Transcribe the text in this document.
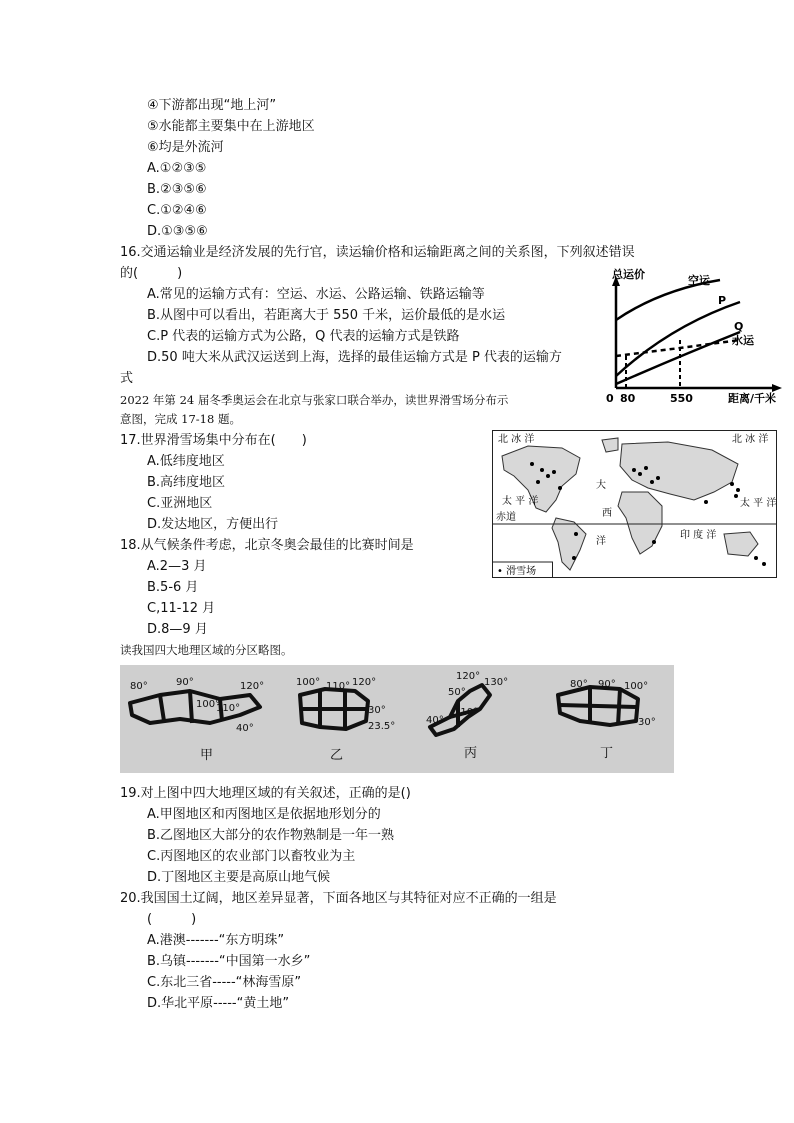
④下游都出现“地上河”
⑤水能都主要集中在上游地区
⑥均是外流河
A.①②③⑤
B.②③⑤⑥
C.①②④⑥
D.①③⑤⑥
16.交通运输业是经济发展的先行官，读运输价格和运输距离之间的关系图，下列叙述错误
的(　　　)
A.常见的运输方式有：空运、水运、公路运输、铁路运输等
B.从图中可以看出，若距离大于 550 千米，运价最低的是水运
C.P 代表的运输方式为公路，Q 代表的运输方式是铁路
D.50 吨大米从武汉运送到上海，选择的最佳运输方式是 P 代表的运输方
式
总运价	空运
P
Q
水运
0 80	550	距离/千米
2022 年第 24 届冬季奥运会在北京与张家口联合举办，读世界滑雪场分布示
意图，完成 17-18 题。
17.世界滑雪场集中分布在(　　)
A.低纬度地区
B.高纬度地区
C.亚洲地区
D.发达地区，方便出行
北 冰 洋	北 冰 洋
太 平 洋	太 平 洋
赤道
大
西
洋
印 度 洋
• 滑雪场
18.从气候条件考虑，北京冬奥会最佳的比赛时间是
A.2—3 月
B.5-6 月
C,11-12 月
D.8—9 月
读我国四大地理区域的分区略图。
80°	90°
100°
110°
120°
40°
100° 110° 120°
30°
23.5°
120°
130°
50°
110°
40°
80° 90° 100°
30°
甲	乙	丙	丁
19.对上图中四大地理区域的有关叙述，正确的是()
A.甲图地区和丙图地区是依据地形划分的
B.乙图地区大部分的农作物熟制是一年一熟
C.丙图地区的农业部门以畜牧业为主
D.丁图地区主要是高原山地气候
20.我国国土辽阔，地区差异显著，下面各地区与其特征对应不正确的一组是
(　　　)
A.港澳-------“东方明珠”
B.乌镇-------“中国第一水乡”
C.东北三省-----“林海雪原”
D.华北平原-----“黄土地”
